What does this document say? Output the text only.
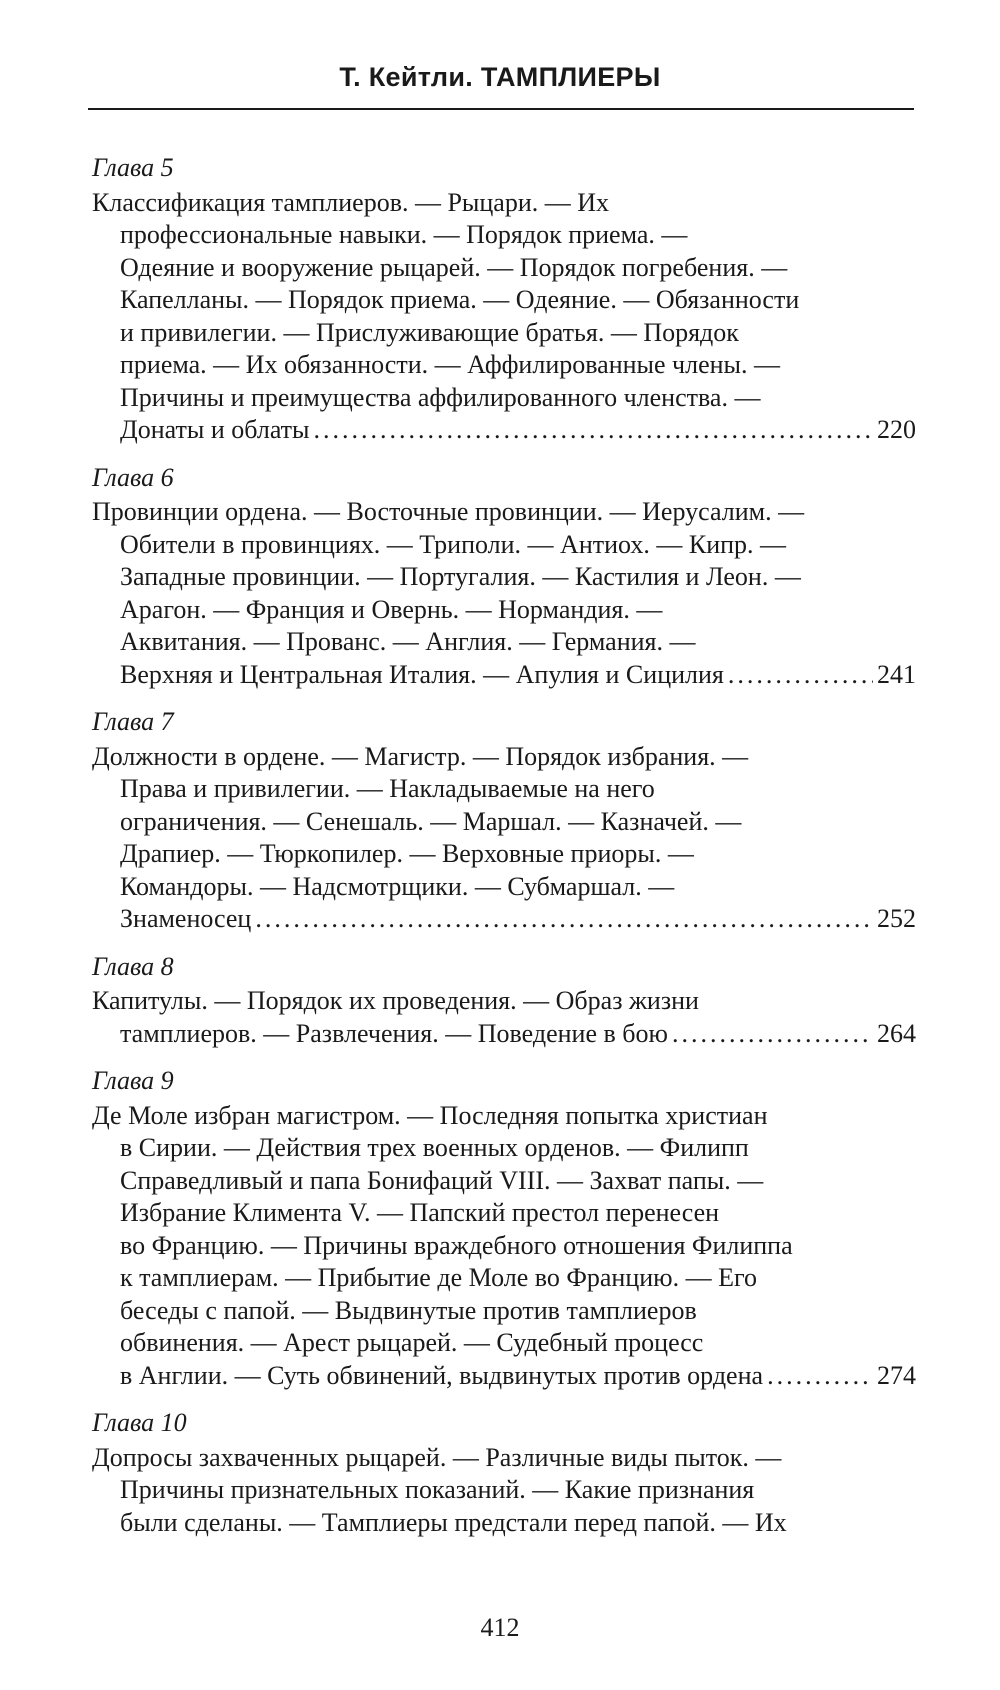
Т. Кейтли. ТАМПЛИЕРЫ
Глава 5
Классификация тамплиеров. — Рыцари. — Их
профессиональные навыки. — Порядок приема. —
Одеяние и вооружение рыцарей. — Порядок погребения. —
Капелланы. — Порядок приема. — Одеяние. — Обязанности
и привилегии. — Прислуживающие братья. — Порядок
приема. — Их обязанности. — Аффилированные члены. —
Причины и преимущества аффилированного членства. —
Донаты и облаты .....	220
Глава 6
Провинции ордена. — Восточные провинции. — Иерусалим. —
Обители в провинциях. — Триполи. — Антиох. — Кипр. —
Западные провинции. — Португалия. — Кастилия и Леон. —
Арагон. — Франция и Овернь. — Нормандия. —
Аквитания. — Прованс. — Англия. — Германия. —
Верхняя и Центральная Италия. — Апулия и Сицилия .....	241
Глава 7
Должности в ордене. — Магистр. — Порядок избрания. —
Права и привилегии. — Накладываемые на него
ограничения. — Сенешаль. — Маршал. — Казначей. —
Драпиер. — Тюркопилер. — Верховные приоры. —
Командоры. — Надсмотрщики. — Субмаршал. —
Знаменосец .....	252
Глава 8
Капитулы. — Порядок их проведения. — Образ жизни
тамплиеров. — Развлечения. — Поведение в бою .....	264
Глава 9
Де Моле избран магистром. — Последняя попытка христиан
в Сирии. — Действия трех военных орденов. — Филипп
Справедливый и папа Бонифаций VIII. — Захват папы. —
Избрание Климента V. — Папский престол перенесен
во Францию. — Причины враждебного отношения Филиппа
к тамплиерам. — Прибытие де Моле во Францию. — Его
беседы с папой. — Выдвинутые против тамплиеров
обвинения. — Арест рыцарей. — Судебный процесс
в Англии. — Суть обвинений, выдвинутых против ордена .....	274
Глава 10
Допросы захваченных рыцарей. — Различные виды пыток. —
Причины признательных показаний. — Какие признания
были сделаны. — Тамплиеры предстали перед папой. — Их
412
